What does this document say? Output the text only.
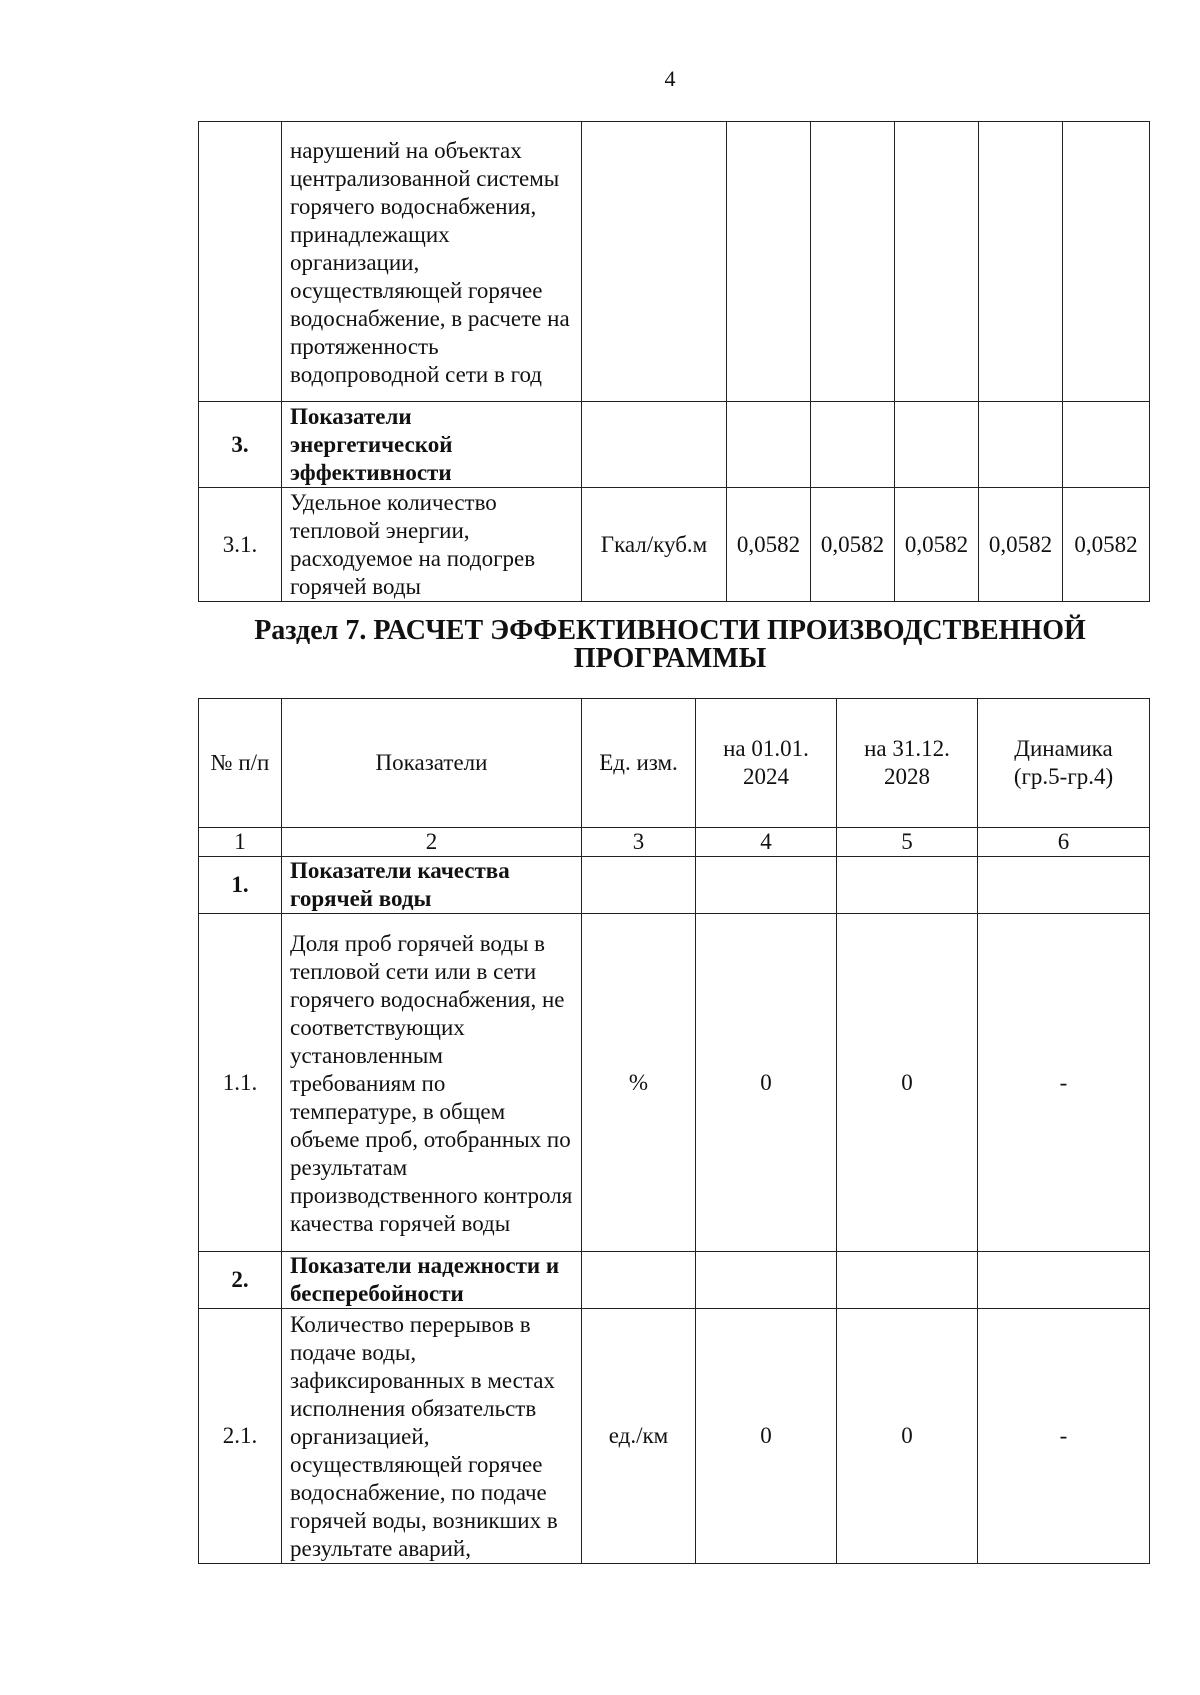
4
	нарушений на объектах централизованной системы горячего водоснабжения, принадлежащих организации, осуществляющей горячее водоснабжение, в расчете на протяженность водопроводной сети в год						
3.	Показатели энергетической эффективности						
3.1.	Удельное количество тепловой энергии, расходуемое на подогрев горячей воды	Гкал/куб.м	0,0582	0,0582	0,0582	0,0582	0,0582
Раздел 7. РАСЧЕТ ЭФФЕКТИВНОСТИ ПРОИЗВОДСТВЕННОЙ ПРОГРАММЫ
№ п/п	Показатели	Ед. изм.	на 01.01. 2024	на 31.12. 2028	Динамика (гр.5-гр.4)
1	2	3	4	5	6
1.	Показатели качества горячей воды				
1.1.	Доля проб горячей воды в тепловой сети или в сети горячего водоснабжения, не соответствующих установленным требованиям по температуре, в общем объеме проб, отобранных по результатам производственного контроля качества горячей воды	%	0	0	-
2.	Показатели надежности и бесперебойности				
2.1.	Количество перерывов в подаче воды, зафиксированных в местах исполнения обязательств организацией, осуществляющей горячее водоснабжение, по подаче горячей воды, возникших в результате аварий,	ед./км	0	0	-
